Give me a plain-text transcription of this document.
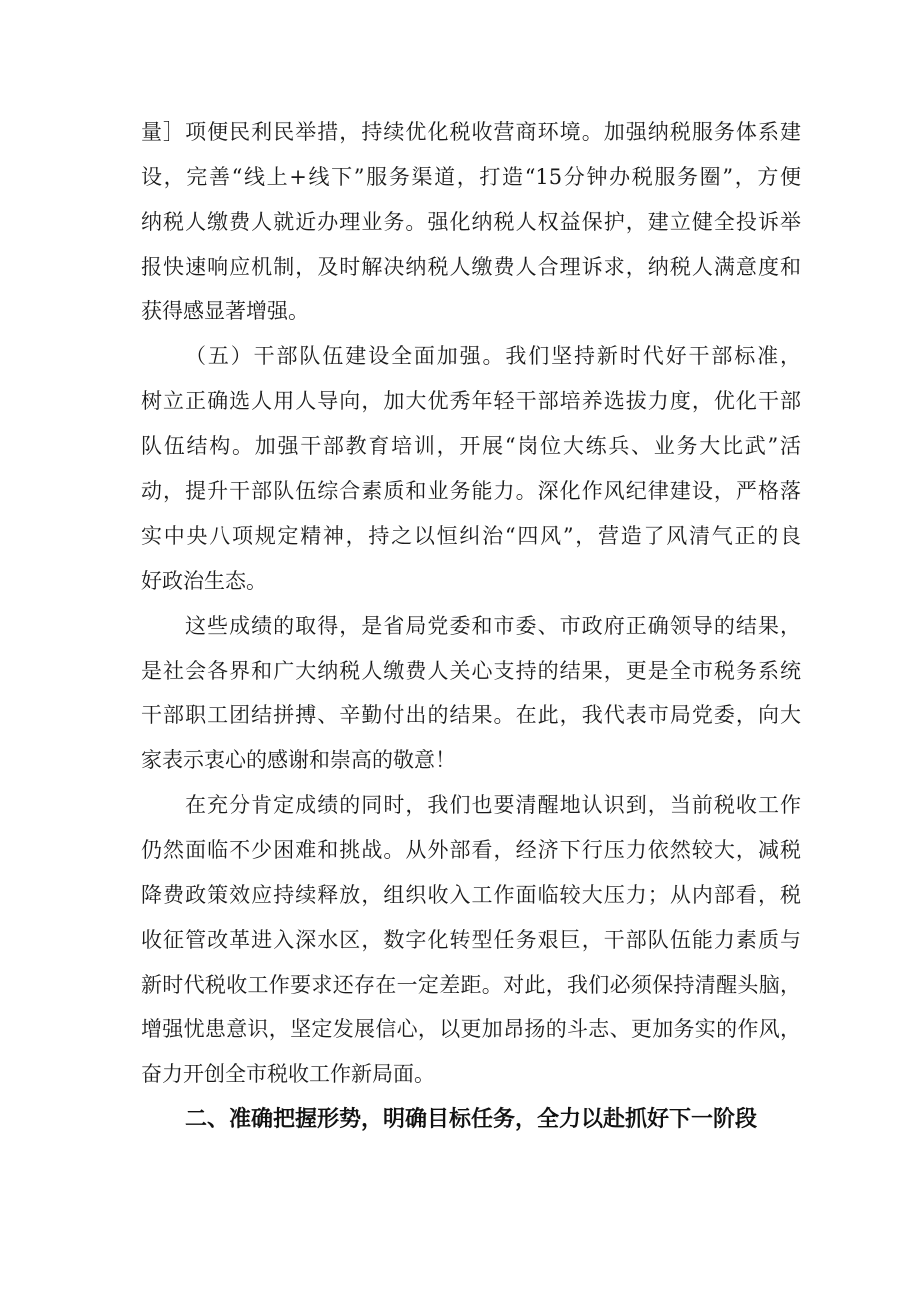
量］项便民利民举措，持续优化税收营商环境。加强纳税服务体系建
设，完善“线上+线下”服务渠道，打造“15分钟办税服务圈”，方便
纳税人缴费人就近办理业务。强化纳税人权益保护，建立健全投诉举
报快速响应机制，及时解决纳税人缴费人合理诉求，纳税人满意度和
获得感显著增强。
（五）干部队伍建设全面加强。我们坚持新时代好干部标准，
树立正确选人用人导向，加大优秀年轻干部培养选拔力度，优化干部
队伍结构。加强干部教育培训，开展“岗位大练兵、业务大比武”活
动，提升干部队伍综合素质和业务能力。深化作风纪律建设，严格落
实中央八项规定精神，持之以恒纠治“四风”，营造了风清气正的良
好政治生态。
这些成绩的取得，是省局党委和市委、市政府正确领导的结果，
是社会各界和广大纳税人缴费人关心支持的结果，更是全市税务系统
干部职工团结拼搏、辛勤付出的结果。在此，我代表市局党委，向大
家表示衷心的感谢和崇高的敬意！
在充分肯定成绩的同时，我们也要清醒地认识到，当前税收工作
仍然面临不少困难和挑战。从外部看，经济下行压力依然较大，减税
降费政策效应持续释放，组织收入工作面临较大压力；从内部看，税
收征管改革进入深水区，数字化转型任务艰巨，干部队伍能力素质与
新时代税收工作要求还存在一定差距。对此，我们必须保持清醒头脑，
增强忧患意识，坚定发展信心，以更加昂扬的斗志、更加务实的作风，
奋力开创全市税收工作新局面。
二、准确把握形势，明确目标任务，全力以赴抓好下一阶段
